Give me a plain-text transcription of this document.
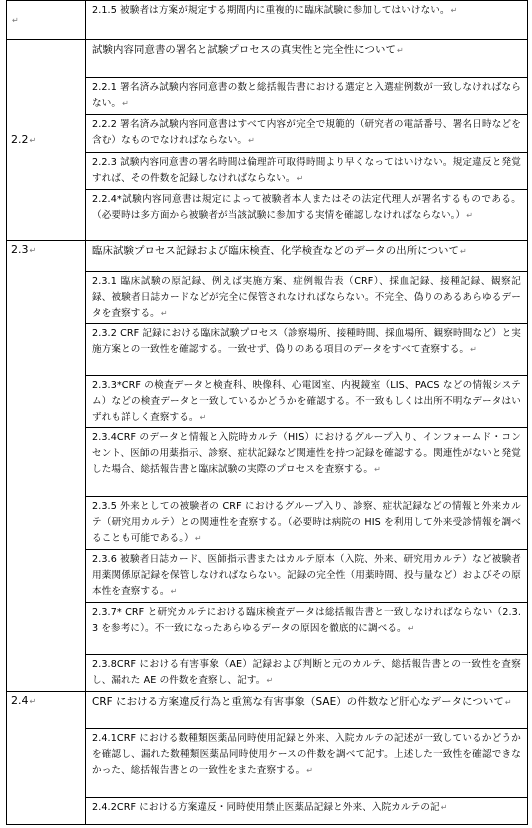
↵	2.1.5 被験者は方案が規定する期間内に重複的に臨床試験に参加してはいけない。↵

2.2↵	試験内容同意書の署名と試験プロセスの真実性と完全性について↵

	2.2.1 署名済み試験内容同意書の数と総括報告書における選定と入選症例数が一致しなければならない。↵

	2.2.2 署名済み試験内容同意書はすべて内容が完全で規範的（研究者の電話番号、署名日時などを含む）なものでなければならない。↵

	2.2.3 試験内容同意書の署名時間は倫理許可取得時間より早くなってはいけない。規定違反と発覚すれば、その件数を記録しなければならない。↵

	2.2.4*試験内容同意書は規定によって被験者本人またはその法定代理人が署名するものである。（必要時は多方面から被験者が当該試験に参加する実情を確認しなければならない。）↵

2.3↵	臨床試験プロセス記録および臨床検査、化学検査などのデータの出所について↵

	2.3.1 臨床試験の原記録、例えば実施方案、症例報告表（CRF）、採血記録、接種記録、観察記録、被験者日誌カードなどが完全に保管されなければならない。不完全、偽りのあるあらゆるデータを査察する。↵

	2.3.2 CRF 記録における臨床試験プロセス（診察場所、接種時間、採血場所、観察時間など）と実施方案との一致性を確認する。一致せず、偽りのある項目のデータをすべて査察する。↵

	2.3.3*CRF の検査データと検査科、映像科、心電図室、内視鏡室（LIS、PACS などの情報システム）などの検査データと一致しているかどうかを確認する。不一致もしくは出所不明なデータはいずれも詳しく査察する。↵

	2.3.4CRF のデータと情報と入院時カルテ（HIS）におけるグループ入り、インフォームド・コンセント、医師の用薬指示、診察、症状記録など関連性を持つ記録を確認する。関連性がないと発覚した場合、総括報告書と臨床試験の実際のプロセスを査察する。↵

	2.3.5 外来としての被験者の CRF におけるグループ入り、診察、症状記録などの情報と外来カルテ（研究用カルテ）との関連性を査察する。（必要時は病院の HIS を利用して外来受診情報を調べることも可能である。）↵

	2.3.6 被験者日誌カード、医師指示書またはカルテ原本（入院、外来、研究用カルテ）など被験者用薬関係原記録を保管しなければならない。記録の完全性（用薬時間、投与量など）およびその原本性を査察する。↵

	2.3.7* CRF と研究カルテにおける臨床検査データは総括報告書と一致しなければならない（2.3.3 を参考に）。不一致になったあらゆるデータの原因を徹底的に調べる。↵

	2.3.8CRF における有害事象（AE）記録および判断と元のカルテ、総括報告書との一致性を査察し、漏れた AE の件数を査察し、記す。↵

2.4↵	CRF における方案違反行為と重篤な有害事象（SAE）の件数など肝心なデータについて↵

	2.4.1CRF における数種類医薬品同時使用記録と外来、入院カルテの記述が一致しているかどうかを確認し、漏れた数種類医薬品同時使用ケースの件数を調べて記す。上述した一致性を確認できなかった、総括報告書との一致性をまた査察する。↵

	2.4.2CRF における方案違反・同時使用禁止医薬品記録と外来、入院カルテの記↵
